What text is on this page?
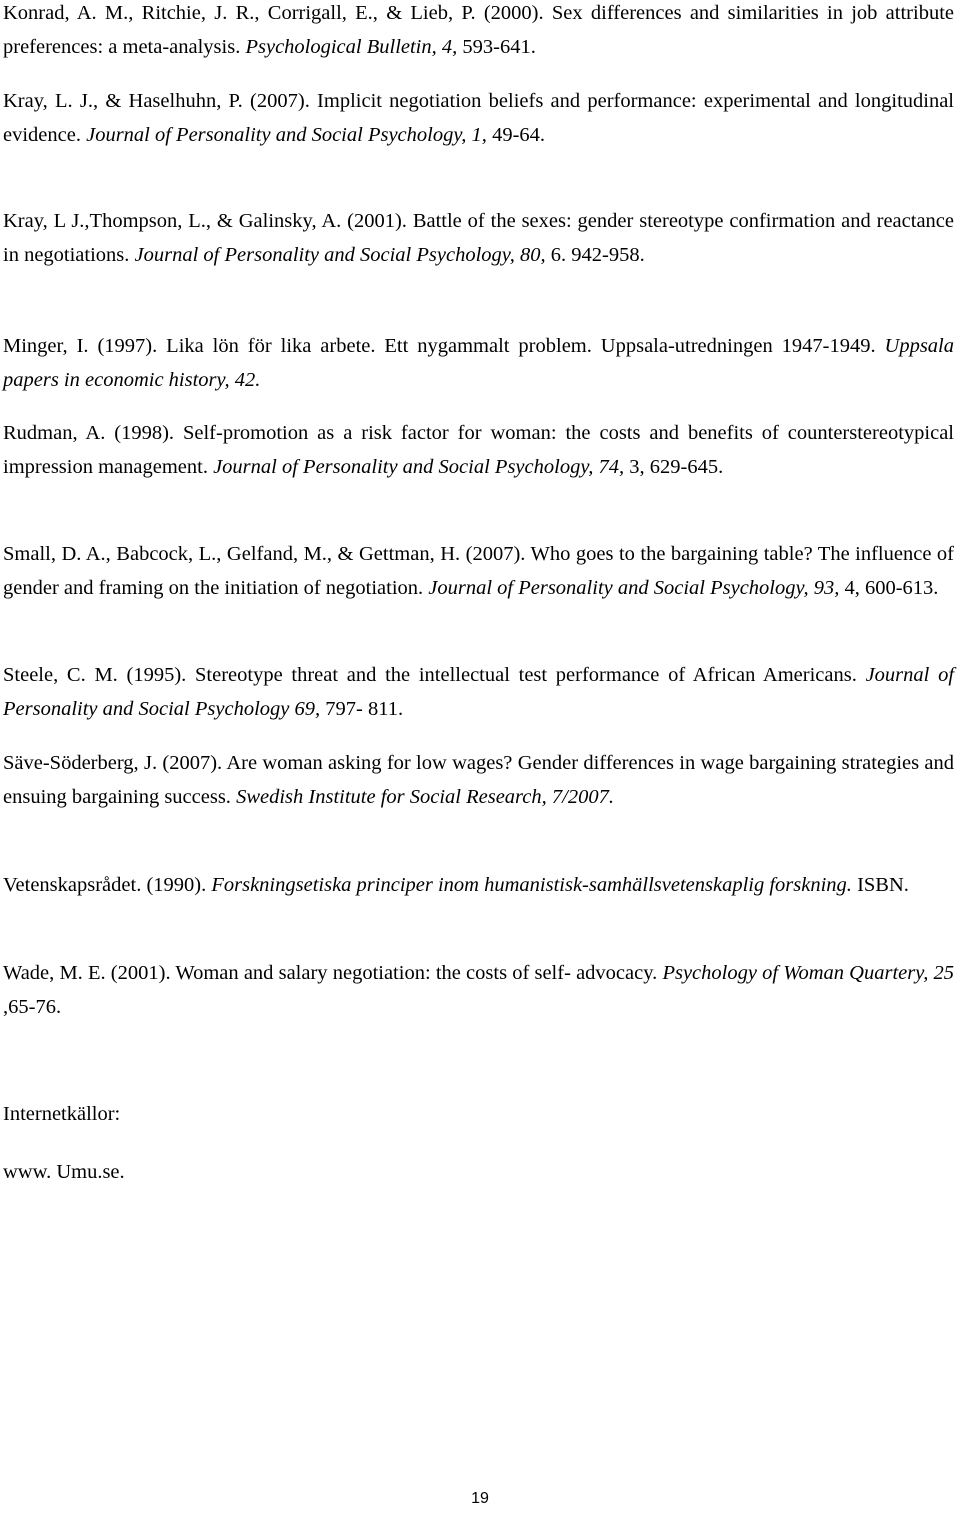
Konrad, A. M., Ritchie, J. R., Corrigall, E., & Lieb, P. (2000). Sex differences and similarities in job attribute preferences: a meta-analysis. Psychological Bulletin, 4, 593-641.

Kray, L. J., & Haselhuhn, P. (2007). Implicit negotiation beliefs and performance: experimental and longitudinal evidence. Journal of Personality and Social Psychology, 1, 49-64.

Kray, L J.,Thompson, L., & Galinsky, A. (2001). Battle of the sexes: gender stereotype confirmation and reactance in negotiations. Journal of Personality and Social Psychology, 80, 6. 942-958.

Minger, I. (1997). Lika lön för lika arbete. Ett nygammalt problem. Uppsala-utredningen 1947-1949. Uppsala papers in economic history, 42.

Rudman, A. (1998). Self-promotion as a risk factor for woman: the costs and benefits of counterstereotypical impression management. Journal of Personality and Social Psychology, 74, 3, 629-645.

Small, D. A., Babcock, L., Gelfand, M., & Gettman, H. (2007). Who goes to the bargaining table? The influence of gender and framing on the initiation of negotiation. Journal of Personality and Social Psychology, 93, 4, 600-613.

Steele, C. M. (1995). Stereotype threat and the intellectual test performance of African Americans. Journal of Personality and Social Psychology 69, 797- 811.

Säve-Söderberg, J. (2007). Are woman asking for low wages? Gender differences in wage bargaining strategies and ensuing bargaining success. Swedish Institute for Social Research, 7/2007.

Vetenskapsrådet. (1990). Forskningsetiska principer inom humanistisk-samhällsvetenskaplig forskning. ISBN.

Wade, M. E. (2001). Woman and salary negotiation: the costs of self- advocacy. Psychology of Woman Quartery, 25 ,65-76.

Internetkällor:

www. Umu.se.

19
